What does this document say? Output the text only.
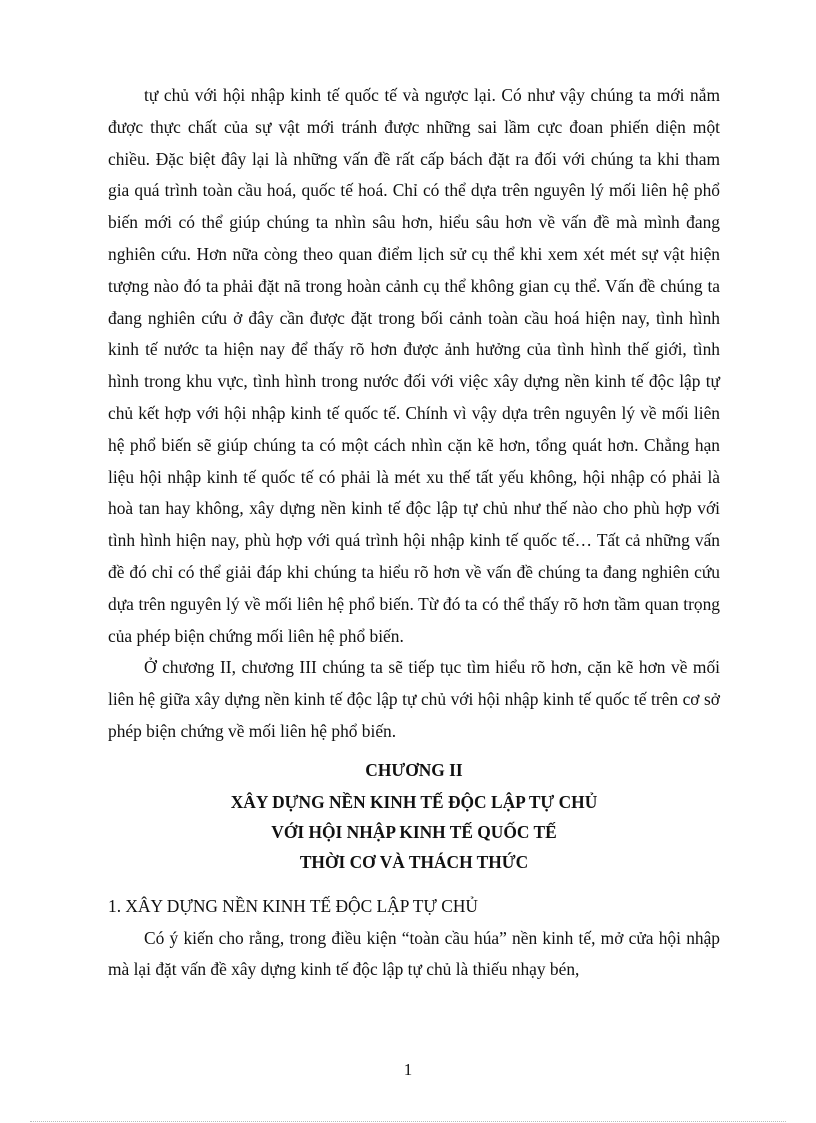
tự chủ với hội nhập kinh tế quốc tế và ngược lại. Có như vậy chúng ta mới nắm được thực chất của sự vật mới tránh được những sai lầm cực đoan phiến diện một chiều. Đặc biệt đây lại là những vấn đề rất cấp bách đặt ra đối với chúng ta khi tham gia quá trình toàn cầu hoá, quốc tế hoá. Chỉ có thể dựa trên nguyên lý mối liên hệ phổ biến mới có thể giúp chúng ta nhìn sâu hơn, hiểu sâu hơn về vấn đề mà mình đang nghiên cứu. Hơn nữa còng theo quan điểm lịch sử cụ thể khi xem xét mét sự vật hiện tượng nào đó ta phải đặt nã trong hoàn cảnh cụ thể không gian cụ thể. Vấn đề chúng ta đang nghiên cứu ở đây cần được đặt trong bối cảnh toàn cầu hoá hiện nay, tình hình kinh tế nước ta hiện nay để thấy rõ hơn được ảnh hưởng của tình hình thế giới, tình hình trong khu vực, tình hình trong nước đối với việc xây dựng nền kinh tế độc lập tự chủ kết hợp với hội nhập kinh tế quốc tế. Chính vì vậy dựa trên nguyên lý về mối liên hệ phổ biến sẽ giúp chúng ta có một cách nhìn cặn kẽ hơn, tổng quát hơn. Chẳng hạn liệu hội nhập kinh tế quốc tế có phải là mét xu thế tất yếu không, hội nhập có phải là hoà tan hay không, xây dựng nền kinh tế độc lập tự chủ như thế nào cho phù hợp với tình hình hiện nay, phù hợp với quá trình hội nhập kinh tế quốc tế… Tất cả những vấn đề đó chỉ có thể giải đáp khi chúng ta hiểu rõ hơn về vấn đề chúng ta đang nghiên cứu dựa trên nguyên lý về mối liên hệ phổ biến. Từ đó ta có thể thấy rõ hơn tầm quan trọng của phép biện chứng mối liên hệ phổ biến.

Ở chương II, chương III chúng ta sẽ tiếp tục tìm hiểu rõ hơn, cặn kẽ hơn về mối liên hệ giữa xây dựng nền kinh tế độc lập tự chủ với hội nhập kinh tế quốc tế trên cơ sở phép biện chứng về mối liên hệ phổ biến.

CHƯƠNG II

XÂY DỰNG NỀN KINH TẾ ĐỘC LẬP TỰ CHỦ

VỚI HỘI NHẬP KINH TẾ QUỐC TẾ

THỜI CƠ VÀ THÁCH THỨC

1. XÂY DỰNG NỀN KINH TẾ ĐỘC LẬP TỰ CHỦ

Có ý kiến cho rằng, trong điều kiện “toàn cầu húa” nền kinh tế, mở cửa hội nhập mà lại đặt vấn đề xây dựng kinh tế độc lập tự chủ là thiếu nhạy bén,

1
